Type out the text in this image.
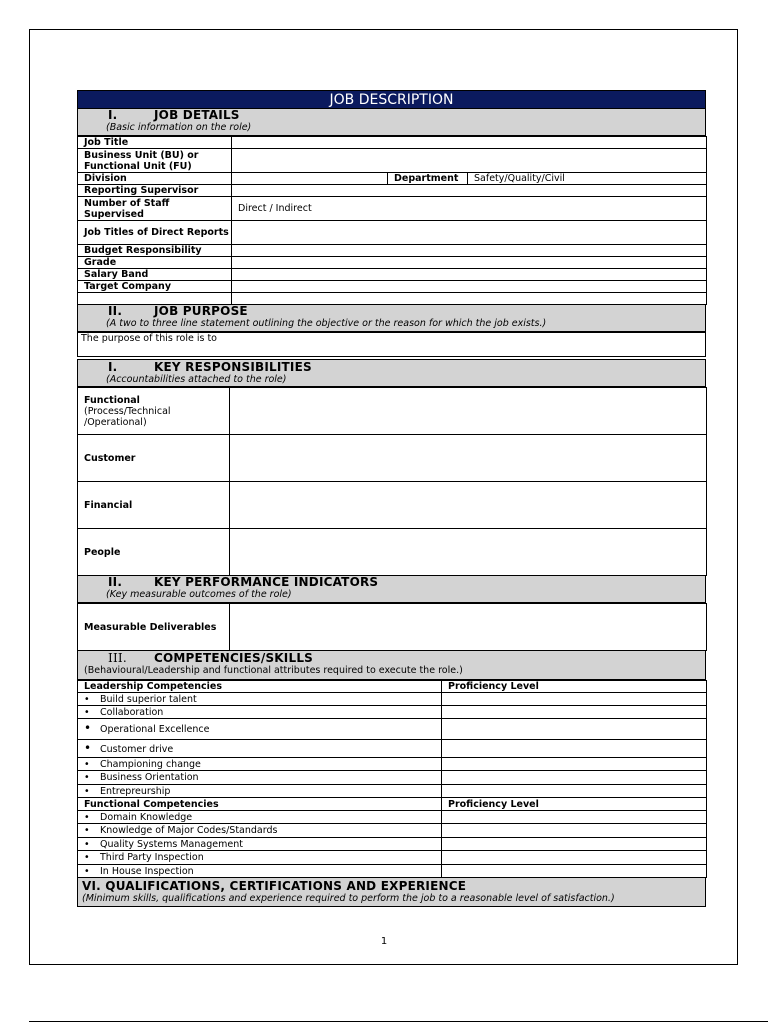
JOB DESCRIPTION
I.	JOB DETAILS
(Basic information on the role)
Job Title			
Business Unit (BU) or Functional Unit (FU)			
Division		Department	Safety/Quality/Civil
Reporting Supervisor			
Number of Staff Supervised	Direct / Indirect		
Job Titles of Direct Reports			
Budget Responsibility			
Grade			
Salary Band			
Target Company			

II.	JOB PURPOSE
(A two to three line statement outlining the objective or the reason for which the job exists.)
The purpose of this role is to
I.	KEY RESPONSIBILITIES
(Accountabilities attached to the role)
Functional
(Process/Technical /Operational)	
Customer	
Financial	
People	
II.	KEY PERFORMANCE INDICATORS
(Key measurable outcomes of the role)
Measurable Deliverables	
III. COMPETENCIES/SKILLS
(Behavioural/Leadership and functional attributes required to execute the role.)
Leadership Competencies	Proficiency Level
• Build superior talent	
• Collaboration	
• Operational Excellence	
• Customer drive	
• Championing change	
• Business Orientation	
• Entrepreurship	
Functional Competencies	Proficiency Level
• Domain Knowledge	
• Knowledge of Major Codes/Standards	
• Quality Systems Management	
• Third Party Inspection	
• In House Inspection	
VI. QUALIFICATIONS, CERTIFICATIONS AND EXPERIENCE
(Minimum skills, qualifications and experience required to perform the job to a reasonable level of satisfaction.)
1
